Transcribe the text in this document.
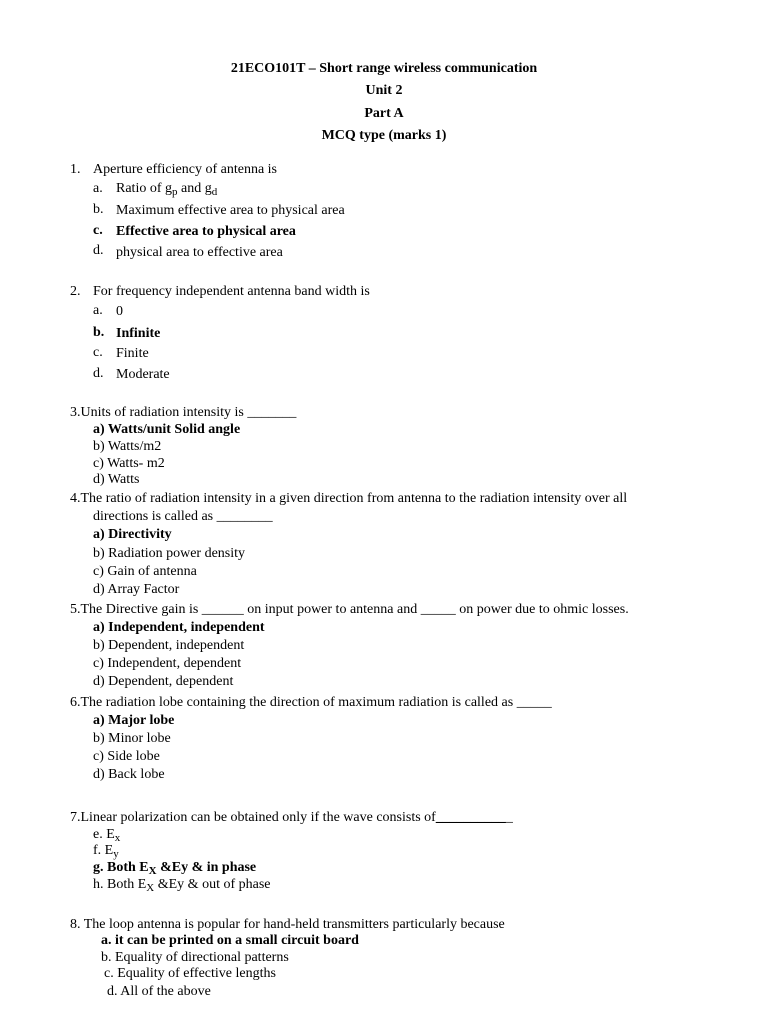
21ECO101T – Short range wireless communication
Unit 2
Part A
MCQ type (marks 1)
1. Aperture efficiency of antenna is
a. Ratio of $g_p$ and $g_d$
b. Maximum effective area to physical area
c. Effective area to physical area
d. physical area to effective area
2. For frequency independent antenna band width is
a. 0
b. Infinite
c. Finite
d. Moderate
3.Units of radiation intensity is _______
a) Watts/unit Solid angle
b) Watts/m2
c) Watts- m2
d) Watts
4.The ratio of radiation intensity in a given direction from antenna to the radiation intensity over all
directions is called as ________
a) Directivity
b) Radiation power density
c) Gain of antenna
d) Array Factor
5.The Directive gain is ______ on input power to antenna and _____ on power due to ohmic losses.
a) Independent, independent
b) Dependent, independent
c) Independent, dependent
d) Dependent, dependent
6.The radiation lobe containing the direction of maximum radiation is called as _____
a) Major lobe
b) Minor lobe
c) Side lobe
d) Back lobe
7.Linear polarization can be obtained only if the wave consists of___________
e. $E_x$
f. $E_y$
g. Both $E_X$ &Ey & in phase
h. Both $E_X$ &Ey & out of phase
8. The loop antenna is popular for hand-held transmitters particularly because
a. it can be printed on a small circuit board
b. Equality of directional patterns
c. Equality of effective lengths
d. All of the above
